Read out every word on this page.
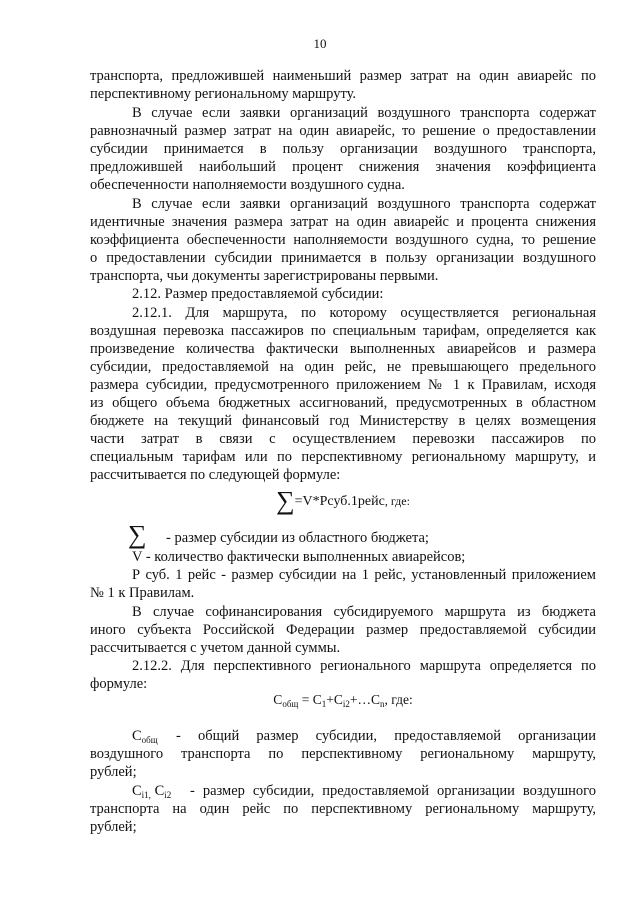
10
транспорта, предложившей наименьший размер затрат на один авиарейс по
перспективному региональному маршруту.
В случае если заявки организаций воздушного транспорта содержат
равнозначный размер затрат на один авиарейс, то решение о предоставлении
субсидии принимается в пользу организации воздушного транспорта,
предложившей наибольший процент снижения значения коэффициента
обеспеченности наполняемости воздушного судна.
В случае если заявки организаций воздушного транспорта содержат
идентичные значения размера затрат на один авиарейс и процента снижения
коэффициента обеспеченности наполняемости воздушного судна, то решение
о предоставлении субсидии принимается в пользу организации воздушного
транспорта, чьи документы зарегистрированы первыми.
2.12. Размер предоставляемой субсидии:
2.12.1. Для маршрута, по которому осуществляется региональная
воздушная перевозка пассажиров по специальным тарифам, определяется как
произведение количества фактически выполненных авиарейсов и размера
субсидии, предоставляемой на один рейс, не превышающего предельного
размера субсидии, предусмотренного приложением № 1 к Правилам, исходя
из общего объема бюджетных ассигнований, предусмотренных в областном
бюджете на текущий финансовый год Министерству в целях возмещения
части затрат в связи с осуществлением перевозки пассажиров по
специальным тарифам или по перспективному региональному маршруту, и
рассчитывается по следующей формуле:
∑=V*Рсуб.1рейс, где:
∑ - размер субсидии из областного бюджета;
V - количество фактически выполненных авиарейсов;
Р суб. 1 рейс - размер субсидии на 1 рейс, установленный приложением
№ 1 к Правилам.
В случае софинансирования субсидируемого маршрута из бюджета
иного субъекта Российской Федерации размер предоставляемой субсидии
рассчитывается с учетом данной суммы.
2.12.2. Для перспективного регионального маршрута определяется по
формуле:
$С_{общ}$ = $С_1+С_{i2}+\dots С_n$, где:
$С_{общ}$	- общий размер субсидии, предоставляемой организации
воздушного транспорта по перспективному региональному маршруту,
рублей;
$С_{i1,}$ $С_{i2}$	- размер субсидии, предоставляемой организации воздушного
транспорта на один рейс по перспективному региональному маршруту,
рублей;
